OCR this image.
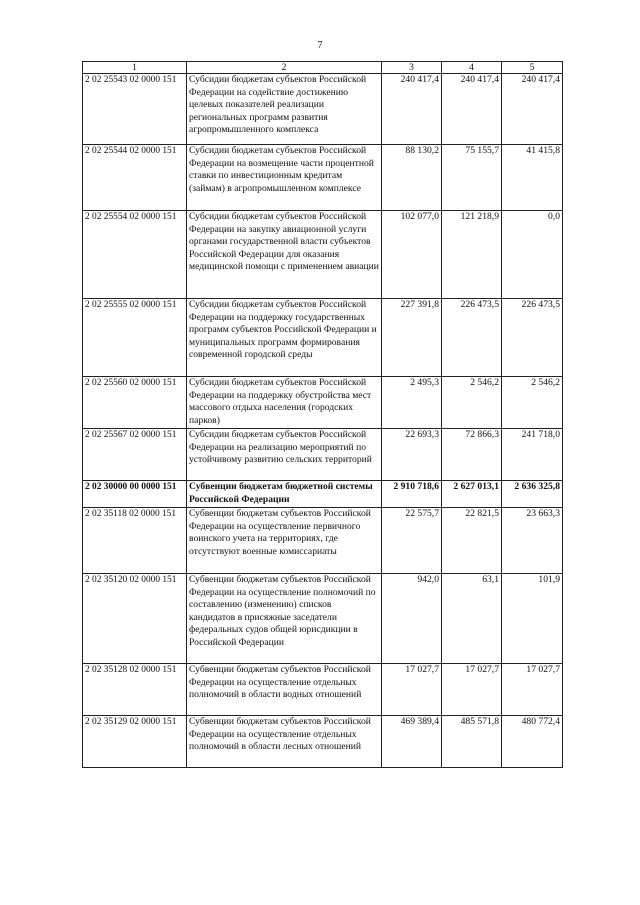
7
1	2	3	4	5
2 02 25543 02 0000 151	Субсидии бюджетам субъектов Российской Федерации на содействие достижению целевых показателей реализации региональных программ развития агропромышленного комплекса	240 417,4	240 417,4	240 417,4
2 02 25544 02 0000 151	Субсидии бюджетам субъектов Российской Федерации на возмещение части процентной ставки по инвестиционным кредитам (займам) в агропромышленном комплексе	88 130,2	75 155,7	41 415,8
2 02 25554 02 0000 151	Субсидии бюджетам субъектов Российской Федерации на закупку авиационной услуги органами государственной власти субъектов Российской Федерации для оказания медицинской помощи с применением авиации	102 077,0	121 218,9	0,0
2 02 25555 02 0000 151	Субсидии бюджетам субъектов Российской Федерации на поддержку государственных программ субъектов Российской Федерации и муниципальных программ формирования современной городской среды	227 391,8	226 473,5	226 473,5
2 02 25560 02 0000 151	Субсидии бюджетам субъектов Российской Федерации на поддержку обустройства мест массового отдыха населения (городских парков)	2 495,3	2 546,2	2 546,2
2 02 25567 02 0000 151	Субсидии бюджетам субъектов Российской Федерации на реализацию мероприятий по устойчивому развитию сельских территорий	22 693,3	72 866,3	241 718,0
2 02 30000 00 0000 151	Субвенции бюджетам бюджетной системы Российской Федерации	2 910 718,6	2 627 013,1	2 636 325,8
2 02 35118 02 0000 151	Субвенции бюджетам субъектов Российской Федерации на осуществление первичного воинского учета на территориях, где отсутствуют военные комиссариаты	22 575,7	22 821,5	23 663,3
2 02 35120 02 0000 151	Субвенции бюджетам субъектов Российской Федерации на осуществление полномочий по составлению (изменению) списков кандидатов в присяжные заседатели федеральных судов общей юрисдикции в Российской Федерации	942,0	63,1	101,9
2 02 35128 02 0000 151	Субвенции бюджетам субъектов Российской Федерации на осуществление отдельных полномочий в области водных отношений	17 027,7	17 027,7	17 027,7
2 02 35129 02 0000 151	Субвенции бюджетам субъектов Российской Федерации на осуществление отдельных полномочий в области лесных отношений	469 389,4	485 571,8	480 772,4
